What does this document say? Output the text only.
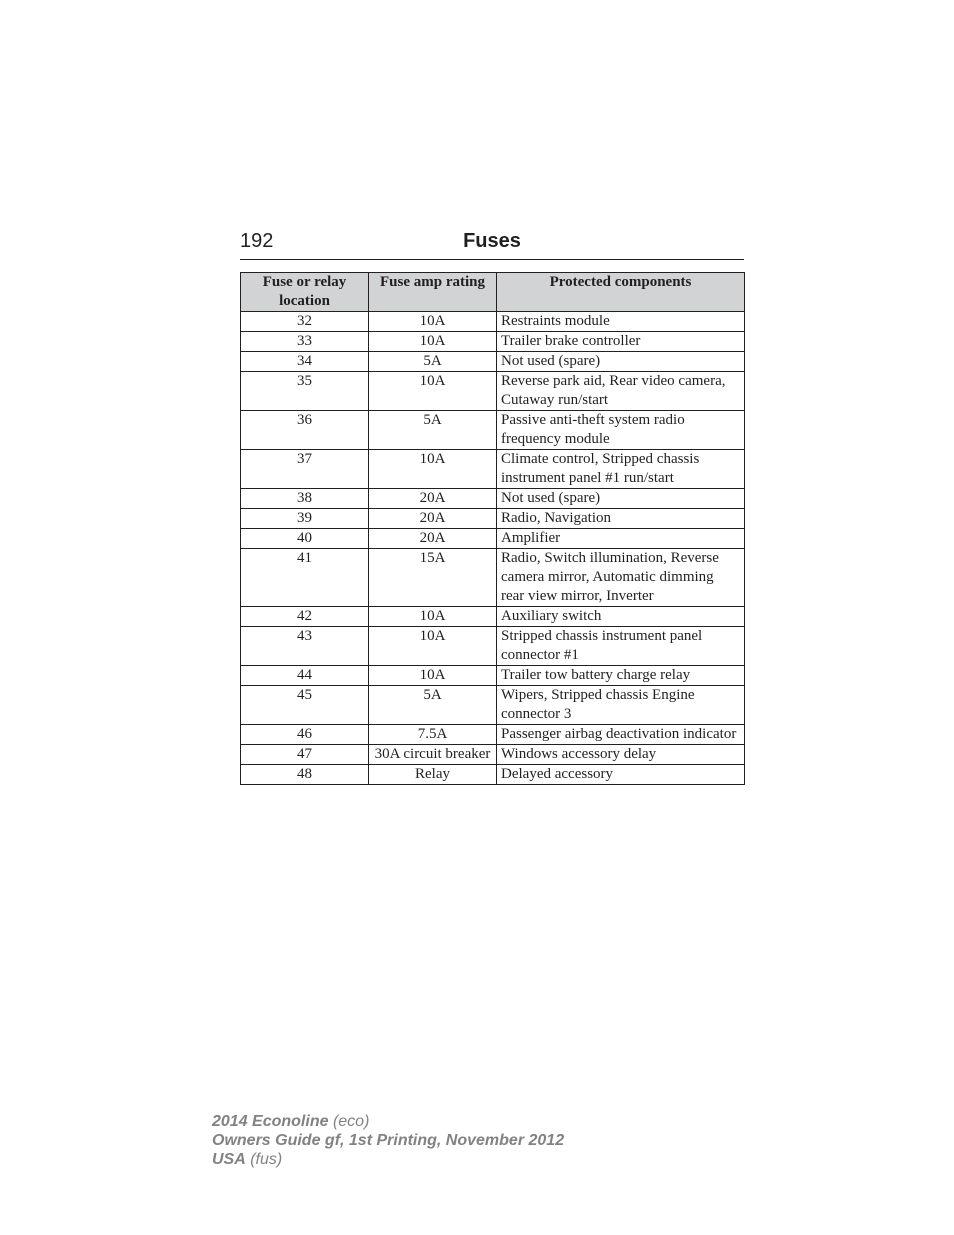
192	Fuses
Fuse or relay location	Fuse amp rating	Protected components
32	10A	Restraints module
33	10A	Trailer brake controller
34	5A	Not used (spare)
35	10A	Reverse park aid, Rear video camera, Cutaway run/start
36	5A	Passive anti-theft system radio frequency module
37	10A	Climate control, Stripped chassis instrument panel #1 run/start
38	20A	Not used (spare)
39	20A	Radio, Navigation
40	20A	Amplifier
41	15A	Radio, Switch illumination, Reverse camera mirror, Automatic dimming rear view mirror, Inverter
42	10A	Auxiliary switch
43	10A	Stripped chassis instrument panel connector #1
44	10A	Trailer tow battery charge relay
45	5A	Wipers, Stripped chassis Engine connector 3
46	7.5A	Passenger airbag deactivation indicator
47	30A circuit breaker	Windows accessory delay
48	Relay	Delayed accessory
2014 Econoline (eco)
Owners Guide gf, 1st Printing, November 2012
USA (fus)
